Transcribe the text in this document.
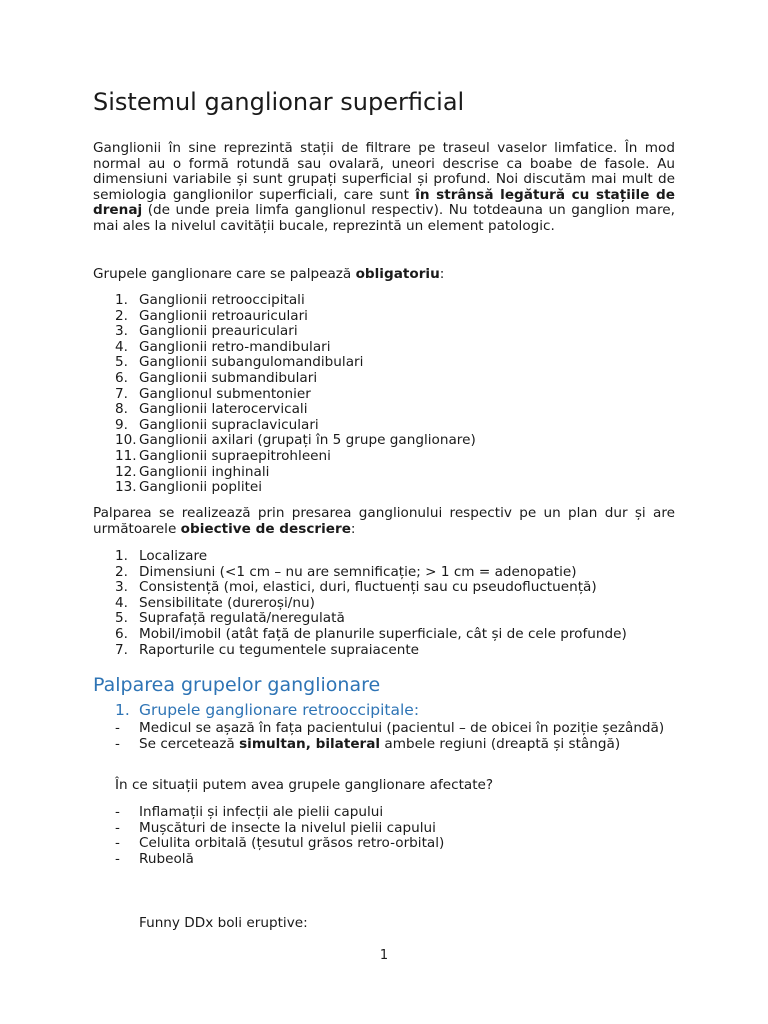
Sistemul ganglionar superficial

Ganglionii în sine reprezintă stații de filtrare pe traseul vaselor limfatice. În mod normal au o formă rotundă sau ovalară, uneori descrise ca boabe de fasole. Au dimensiuni variabile și sunt grupați superficial și profund. Noi discutăm mai mult de semiologia ganglionilor superficiali, care sunt în strânsă legătură cu stațiile de drenaj (de unde preia limfa ganglionul respectiv). Nu totdeauna un ganglion mare, mai ales la nivelul cavității bucale, reprezintă un element patologic.

Grupele ganglionare care se palpează obligatoriu:

1. Ganglionii retrooccipitali
2. Ganglionii retroauriculari
3. Ganglionii preauriculari
4. Ganglionii retro-mandibulari
5. Ganglionii subangulomandibulari
6. Ganglionii submandibulari
7. Ganglionul submentonier
8. Ganglionii laterocervicali
9. Ganglionii supraclaviculari
10. Ganglionii axilari (grupați în 5 grupe ganglionare)
11. Ganglionii supraepitrohleeni
12. Ganglionii inghinali
13. Ganglionii poplitei

Palparea se realizează prin presarea ganglionului respectiv pe un plan dur și are următoarele obiective de descriere:

1. Localizare
2. Dimensiuni (<1 cm – nu are semnificație; > 1 cm = adenopatie)
3. Consistență (moi, elastici, duri, fluctuenți sau cu pseudofluctuență)
4. Sensibilitate (dureroși/nu)
5. Suprafață regulată/neregulată
6. Mobil/imobil (atât față de planurile superficiale, cât și de cele profunde)
7. Raporturile cu tegumentele supraiacente
Palparea grupelor ganglionare
1. Grupele ganglionare retrooccipitale:
-	Medicul se așază în fața pacientului (pacientul – de obicei în poziție șezândă)
-	Se cercetează simultan, bilateral ambele regiuni (dreaptă și stângă)

În ce situații putem avea grupele ganglionare afectate?

-	Inflamații și infecții ale pielii capului
-	Mușcături de insecte la nivelul pielii capului
-	Celulita orbitală (țesutul grăsos retro-orbital)
-	Rubeolă

Funny DDx boli eruptive:

1
